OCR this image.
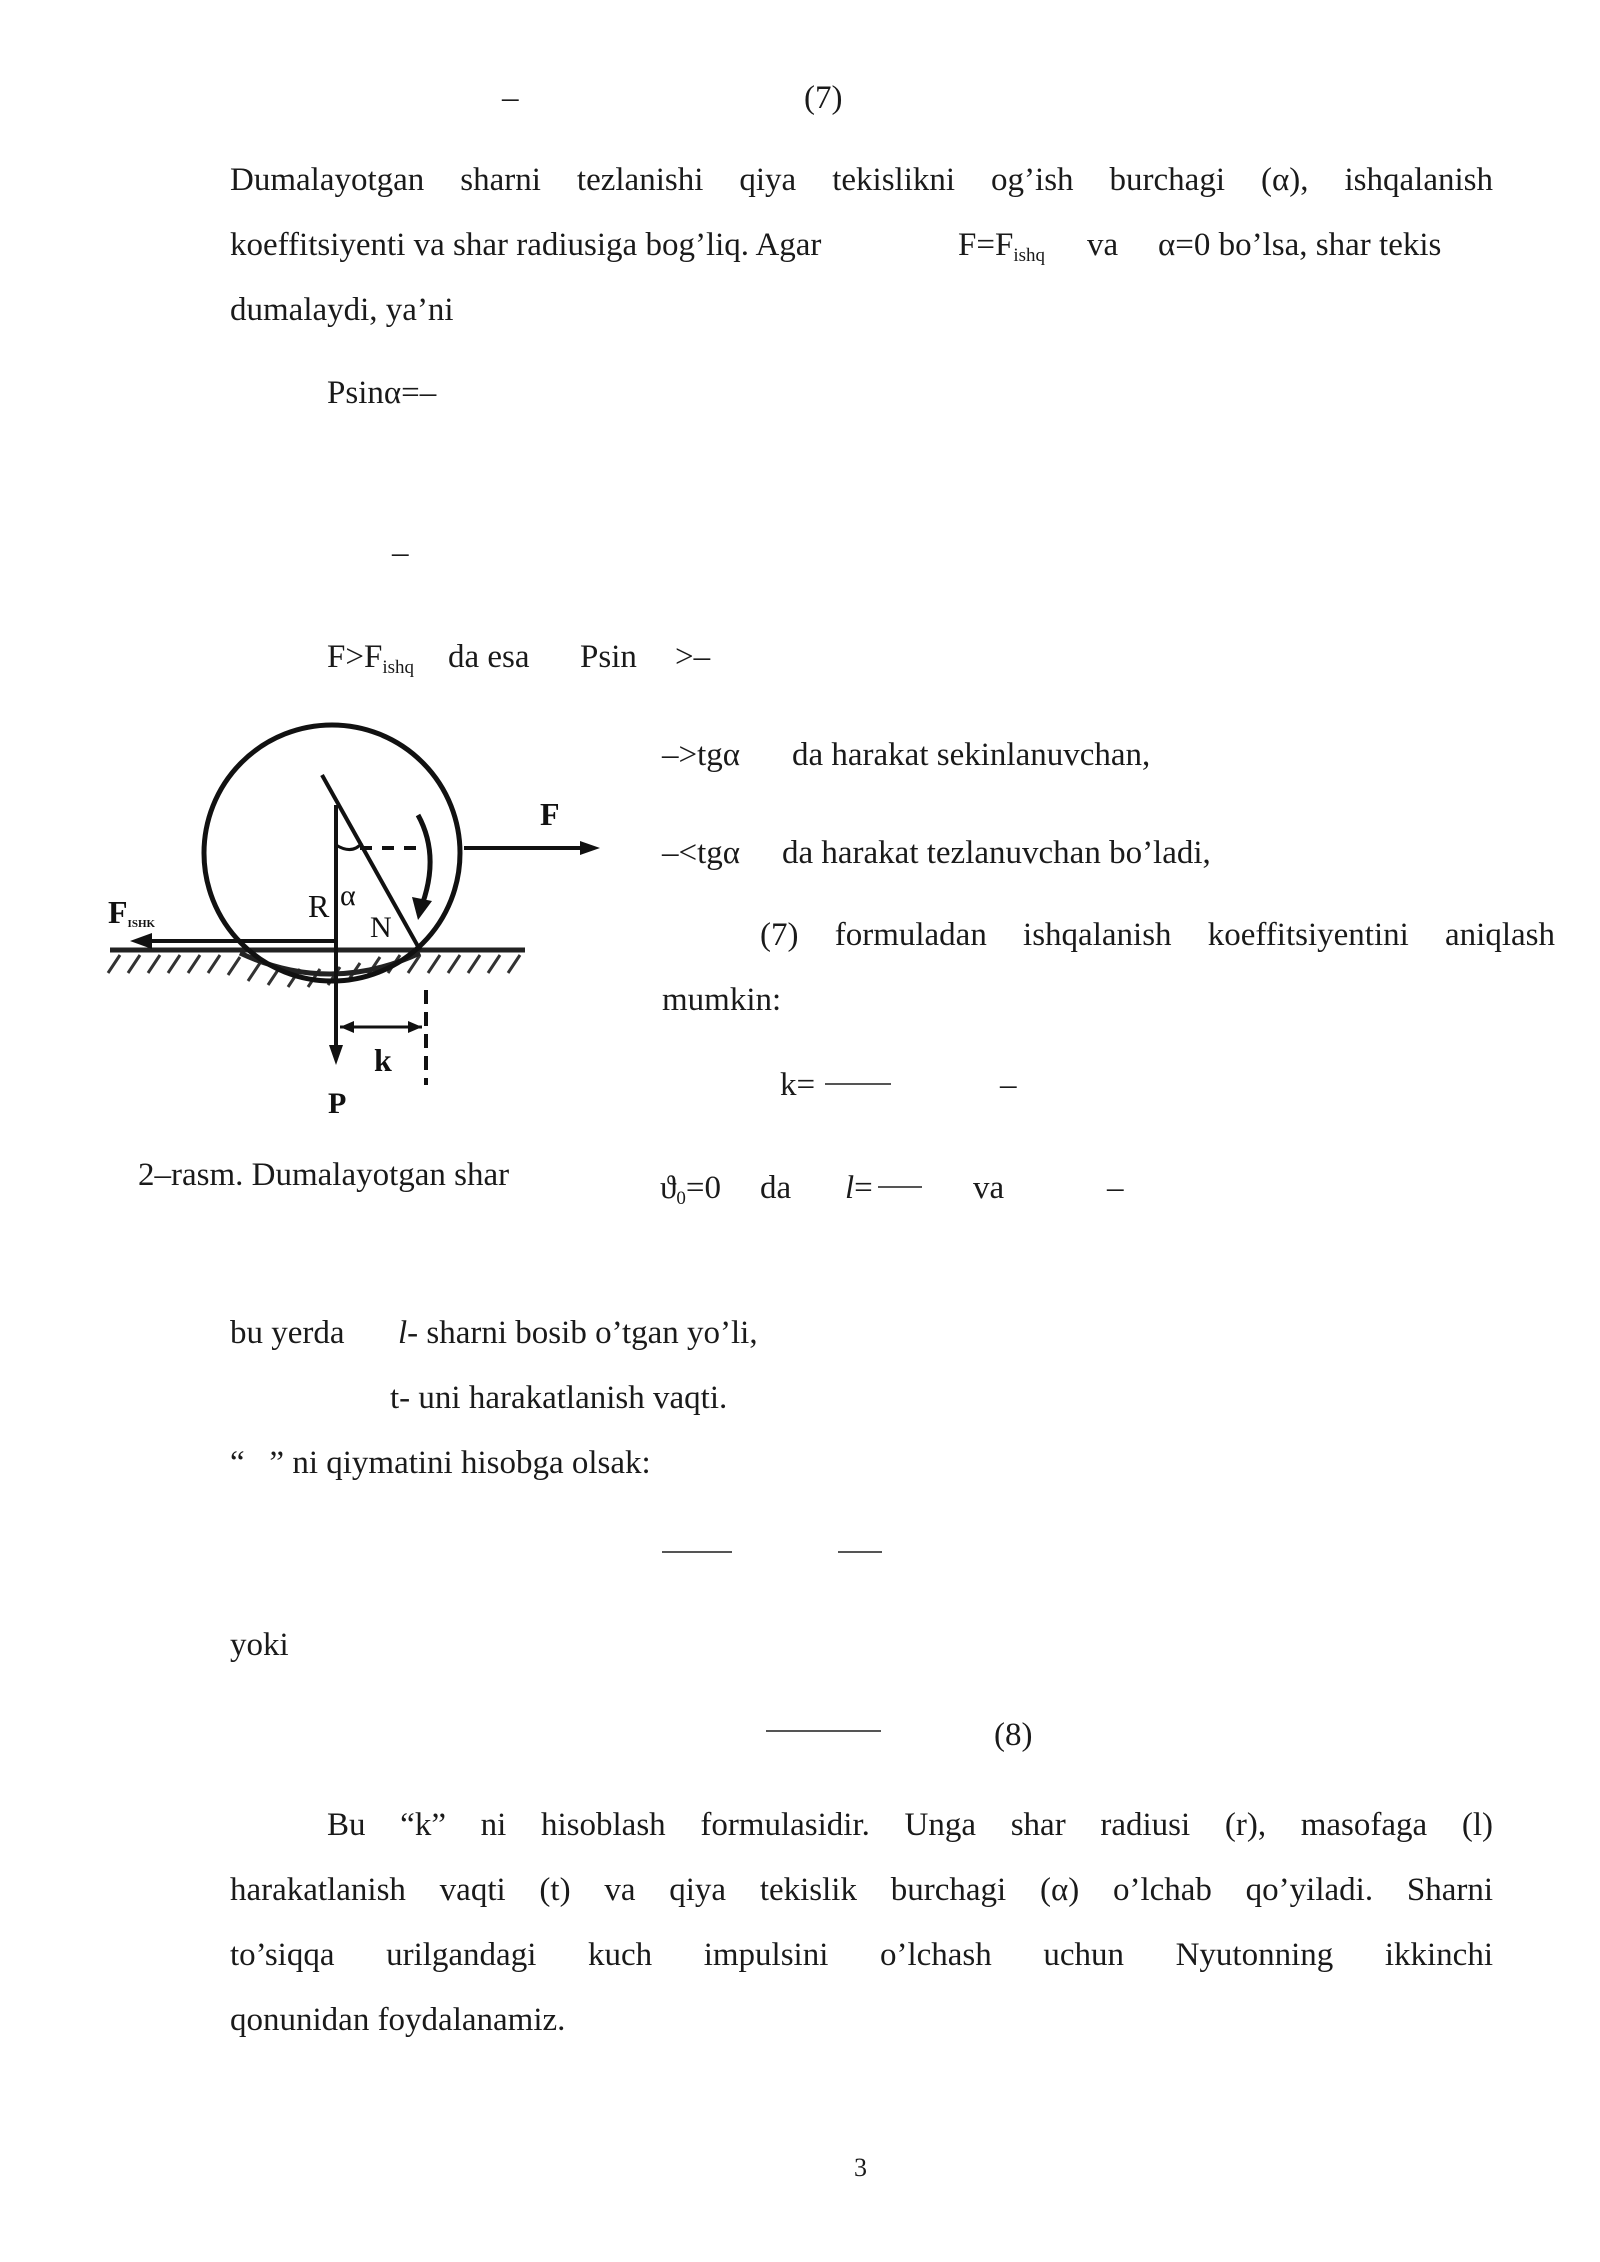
–	(7)
Dumalayotgan sharni tezlanishi qiya tekislikni og’ish burchagi (α), ishqalanish
koeffitsiyenti va shar radiusiga bog’liq. Agar	$F=F_{ishq}$ va α=0 bo’lsa, shar tekis
dumalaydi, ya’ni
Psinα=–
–
$F>F_{ishq}$ da esa Psin >–
–>tgα da harakat sekinlanuvchan,
–<tgα da harakat tezlanuvchan bo’ladi,
(7) formuladan ishqalanish koeffitsiyentini aniqlash
mumkin:
k=	–
F
FISHK	R α
N
k
P
2–rasm. Dumalayotgan shar	$ϑ_0=0$ da l=	va	–
bu yerda l- sharni bosib o’tgan yo’li,
t- uni harakatlanish vaqti.
“ ” ni qiymatini hisobga olsak:
yoki
(8)
Bu “k” ni hisoblash formulasidir. Unga shar radiusi (r), masofaga (l)
harakatlanish vaqti (t) va qiya tekislik burchagi (α) o’lchab qo’yiladi. Sharni
to’siqqa urilgandagi kuch impulsini o’lchash uchun Nyutonning ikkinchi
qonunidan foydalanamiz.
3
